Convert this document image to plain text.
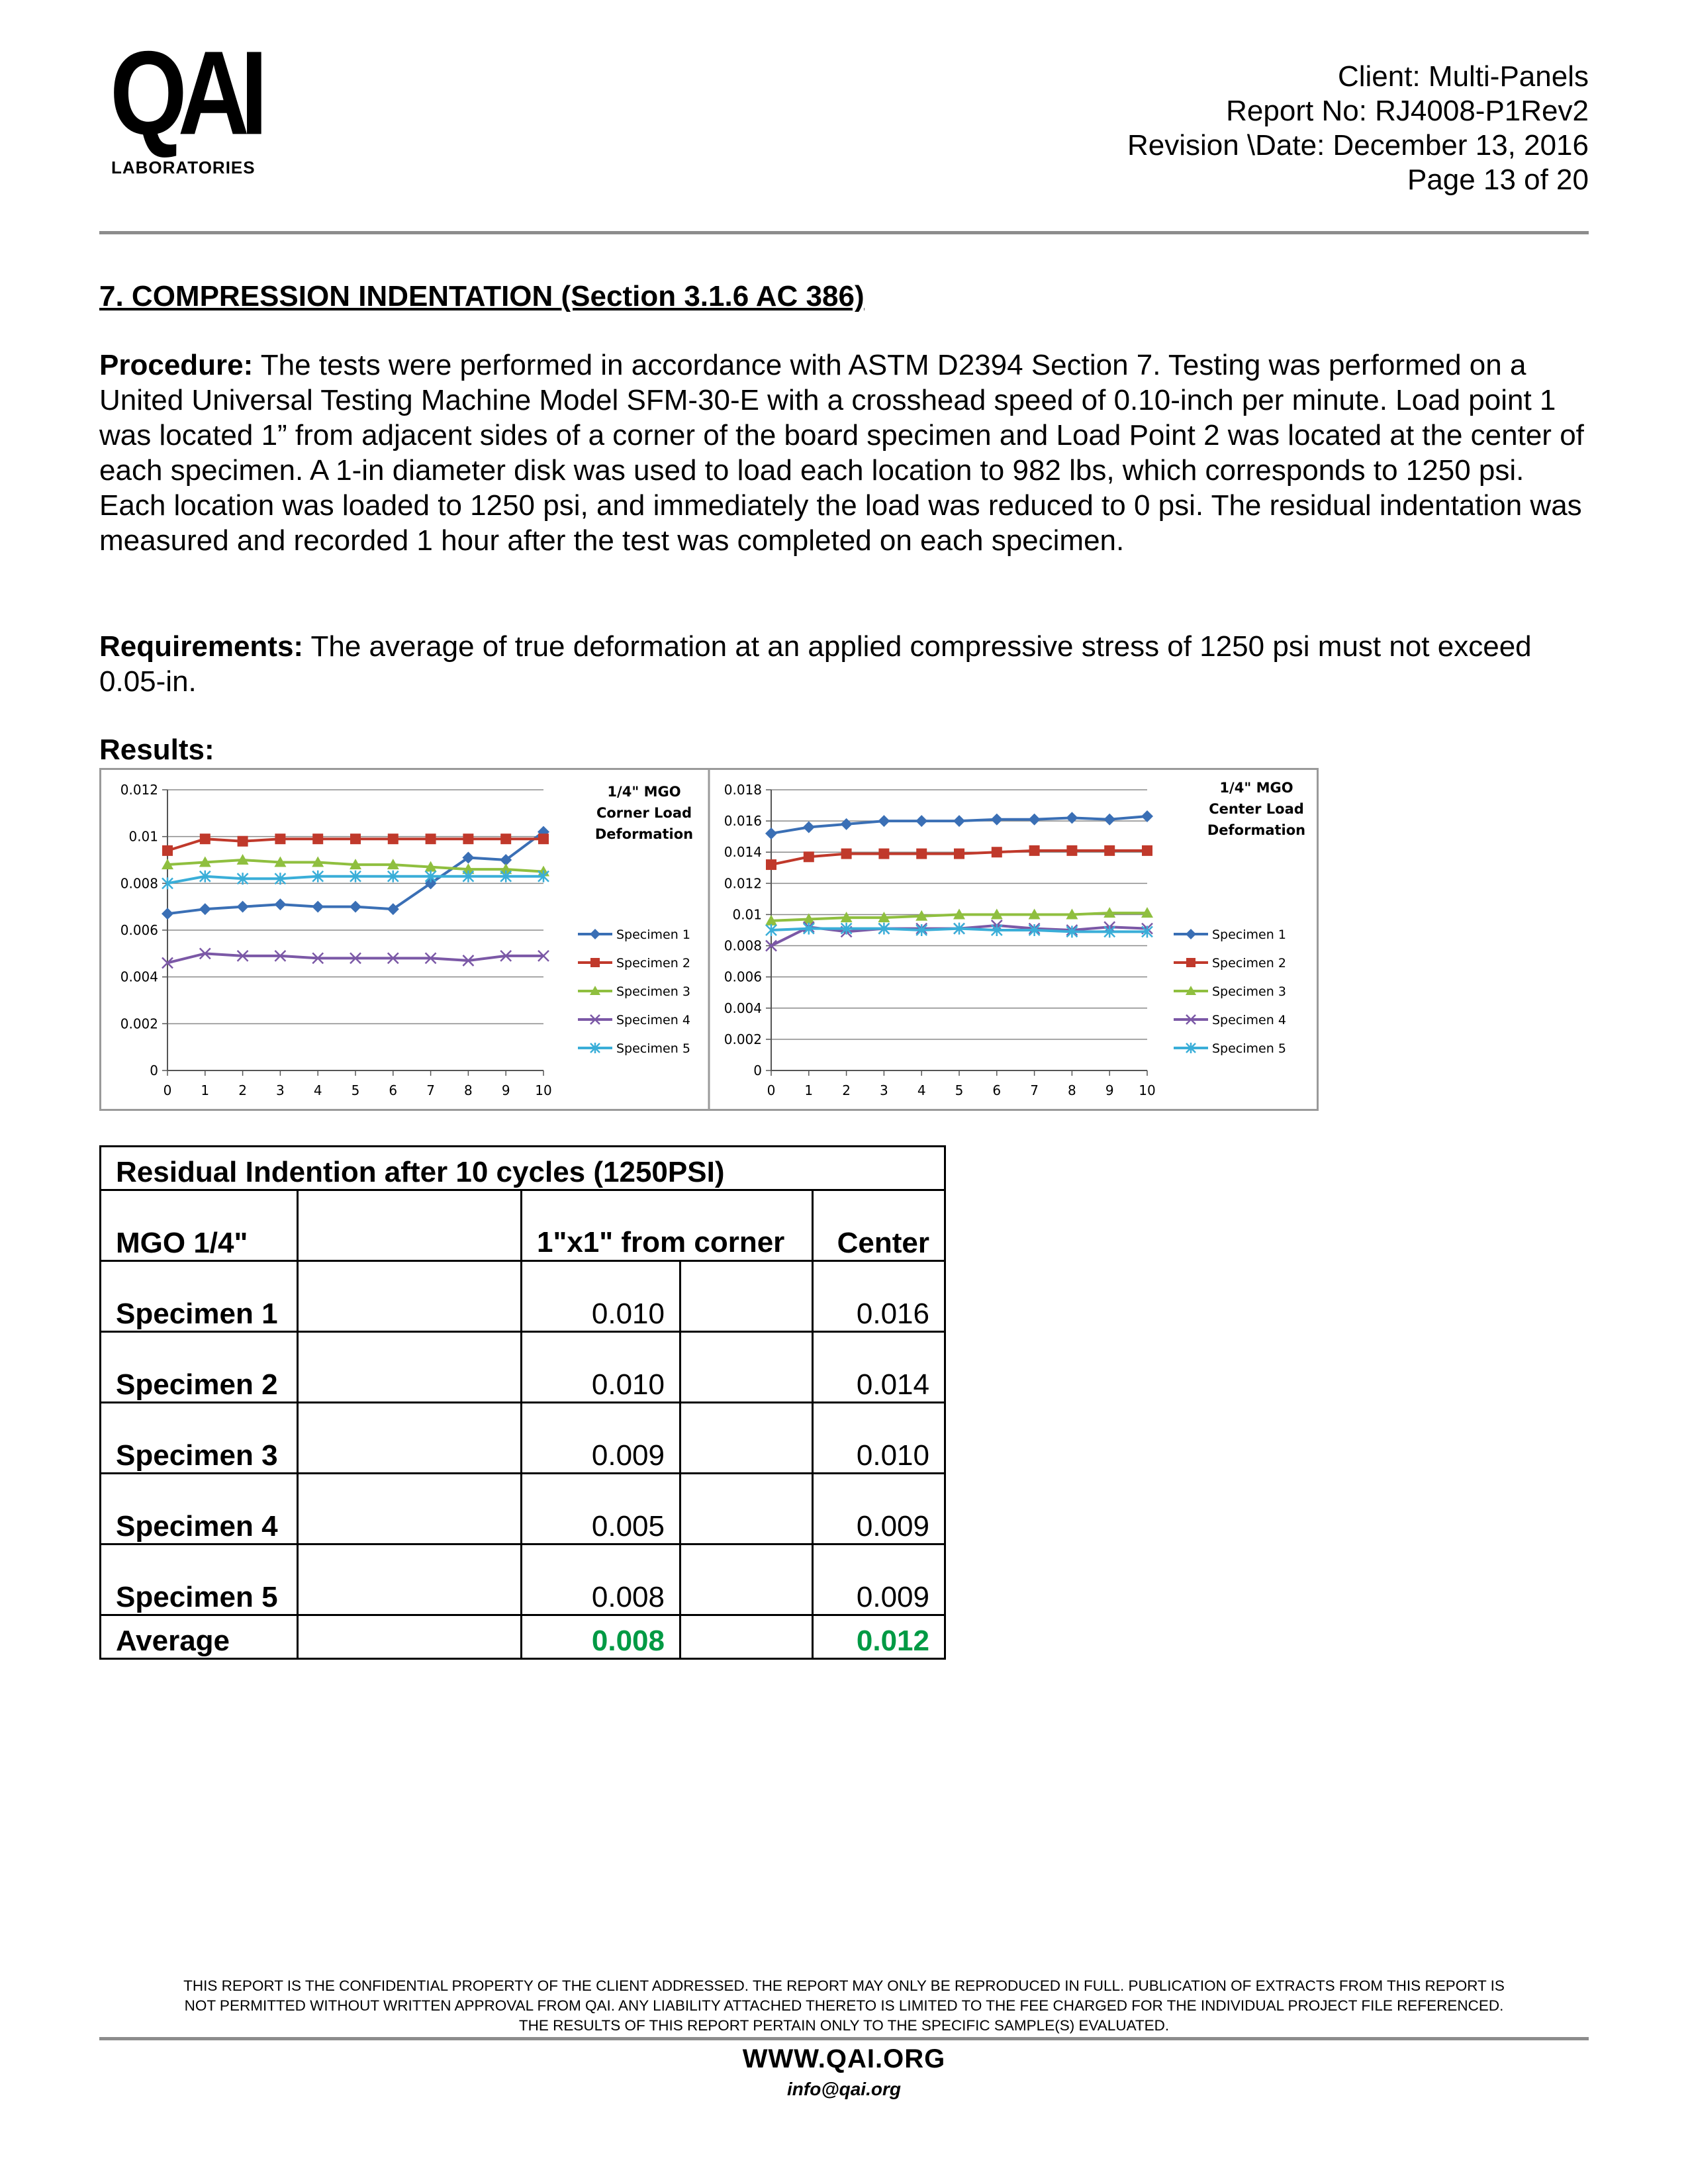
QAI
LABORATORIES
Client: Multi-Panels
Report No: RJ4008-P1Rev2
Revision \Date: December 13, 2016
Page 13 of 20
7. COMPRESSION INDENTATION (Section 3.1.6 AC 386)
Procedure: The tests were performed in accordance with ASTM D2394 Section 7. Testing was performed on a United Universal Testing Machine Model SFM-30-E with a crosshead speed of 0.10-inch per minute. Load point 1 was located 1” from adjacent sides of a corner of the board specimen and Load Point 2 was located at the center of each specimen. A 1-in diameter disk was used to load each location to 982 lbs, which corresponds to 1250 psi. Each location was loaded to 1250 psi, and immediately the load was reduced to 0 psi. The residual indentation was measured and recorded 1 hour after the test was completed on each specimen.
Requirements: The average of true deformation at an applied compressive stress of 1250 psi must not exceed 0.05-in.
Results:
0
0.002
0.004
0.006
0.008
0.01
0.012
0 1 2 3 4 5 6 7 8 9 10
Specimen 1
Specimen 2
Specimen 3
Specimen 4
Specimen 5
1/4" MGO
Corner Load
Deformation
0
0.002
0.004
0.006
0.008
0.01
0.012
0.014
0.016
0.018
0 1 2 3 4 5 6 7 8 9 10
Specimen 1
Specimen 2
Specimen 3
Specimen 4
Specimen 5
1/4" MGO
Center Load
Deformation
Residual Indention after 10 cycles (1250PSI)				
MGO 1/4"		1"x1" from corner		Center
Specimen 1		0.010		0.016
Specimen 2		0.010		0.014
Specimen 3		0.009		0.010
Specimen 4		0.005		0.009
Specimen 5		0.008		0.009
Average		0.008		0.012
THIS REPORT IS THE CONFIDENTIAL PROPERTY OF THE CLIENT ADDRESSED. THE REPORT MAY ONLY BE REPRODUCED IN FULL. PUBLICATION OF EXTRACTS FROM THIS REPORT IS
NOT PERMITTED WITHOUT WRITTEN APPROVAL FROM QAI. ANY LIABILITY ATTACHED THERETO IS LIMITED TO THE FEE CHARGED FOR THE INDIVIDUAL PROJECT FILE REFERENCED.
THE RESULTS OF THIS REPORT PERTAIN ONLY TO THE SPECIFIC SAMPLE(S) EVALUATED.
WWW.QAI.ORG
info@qai.org
